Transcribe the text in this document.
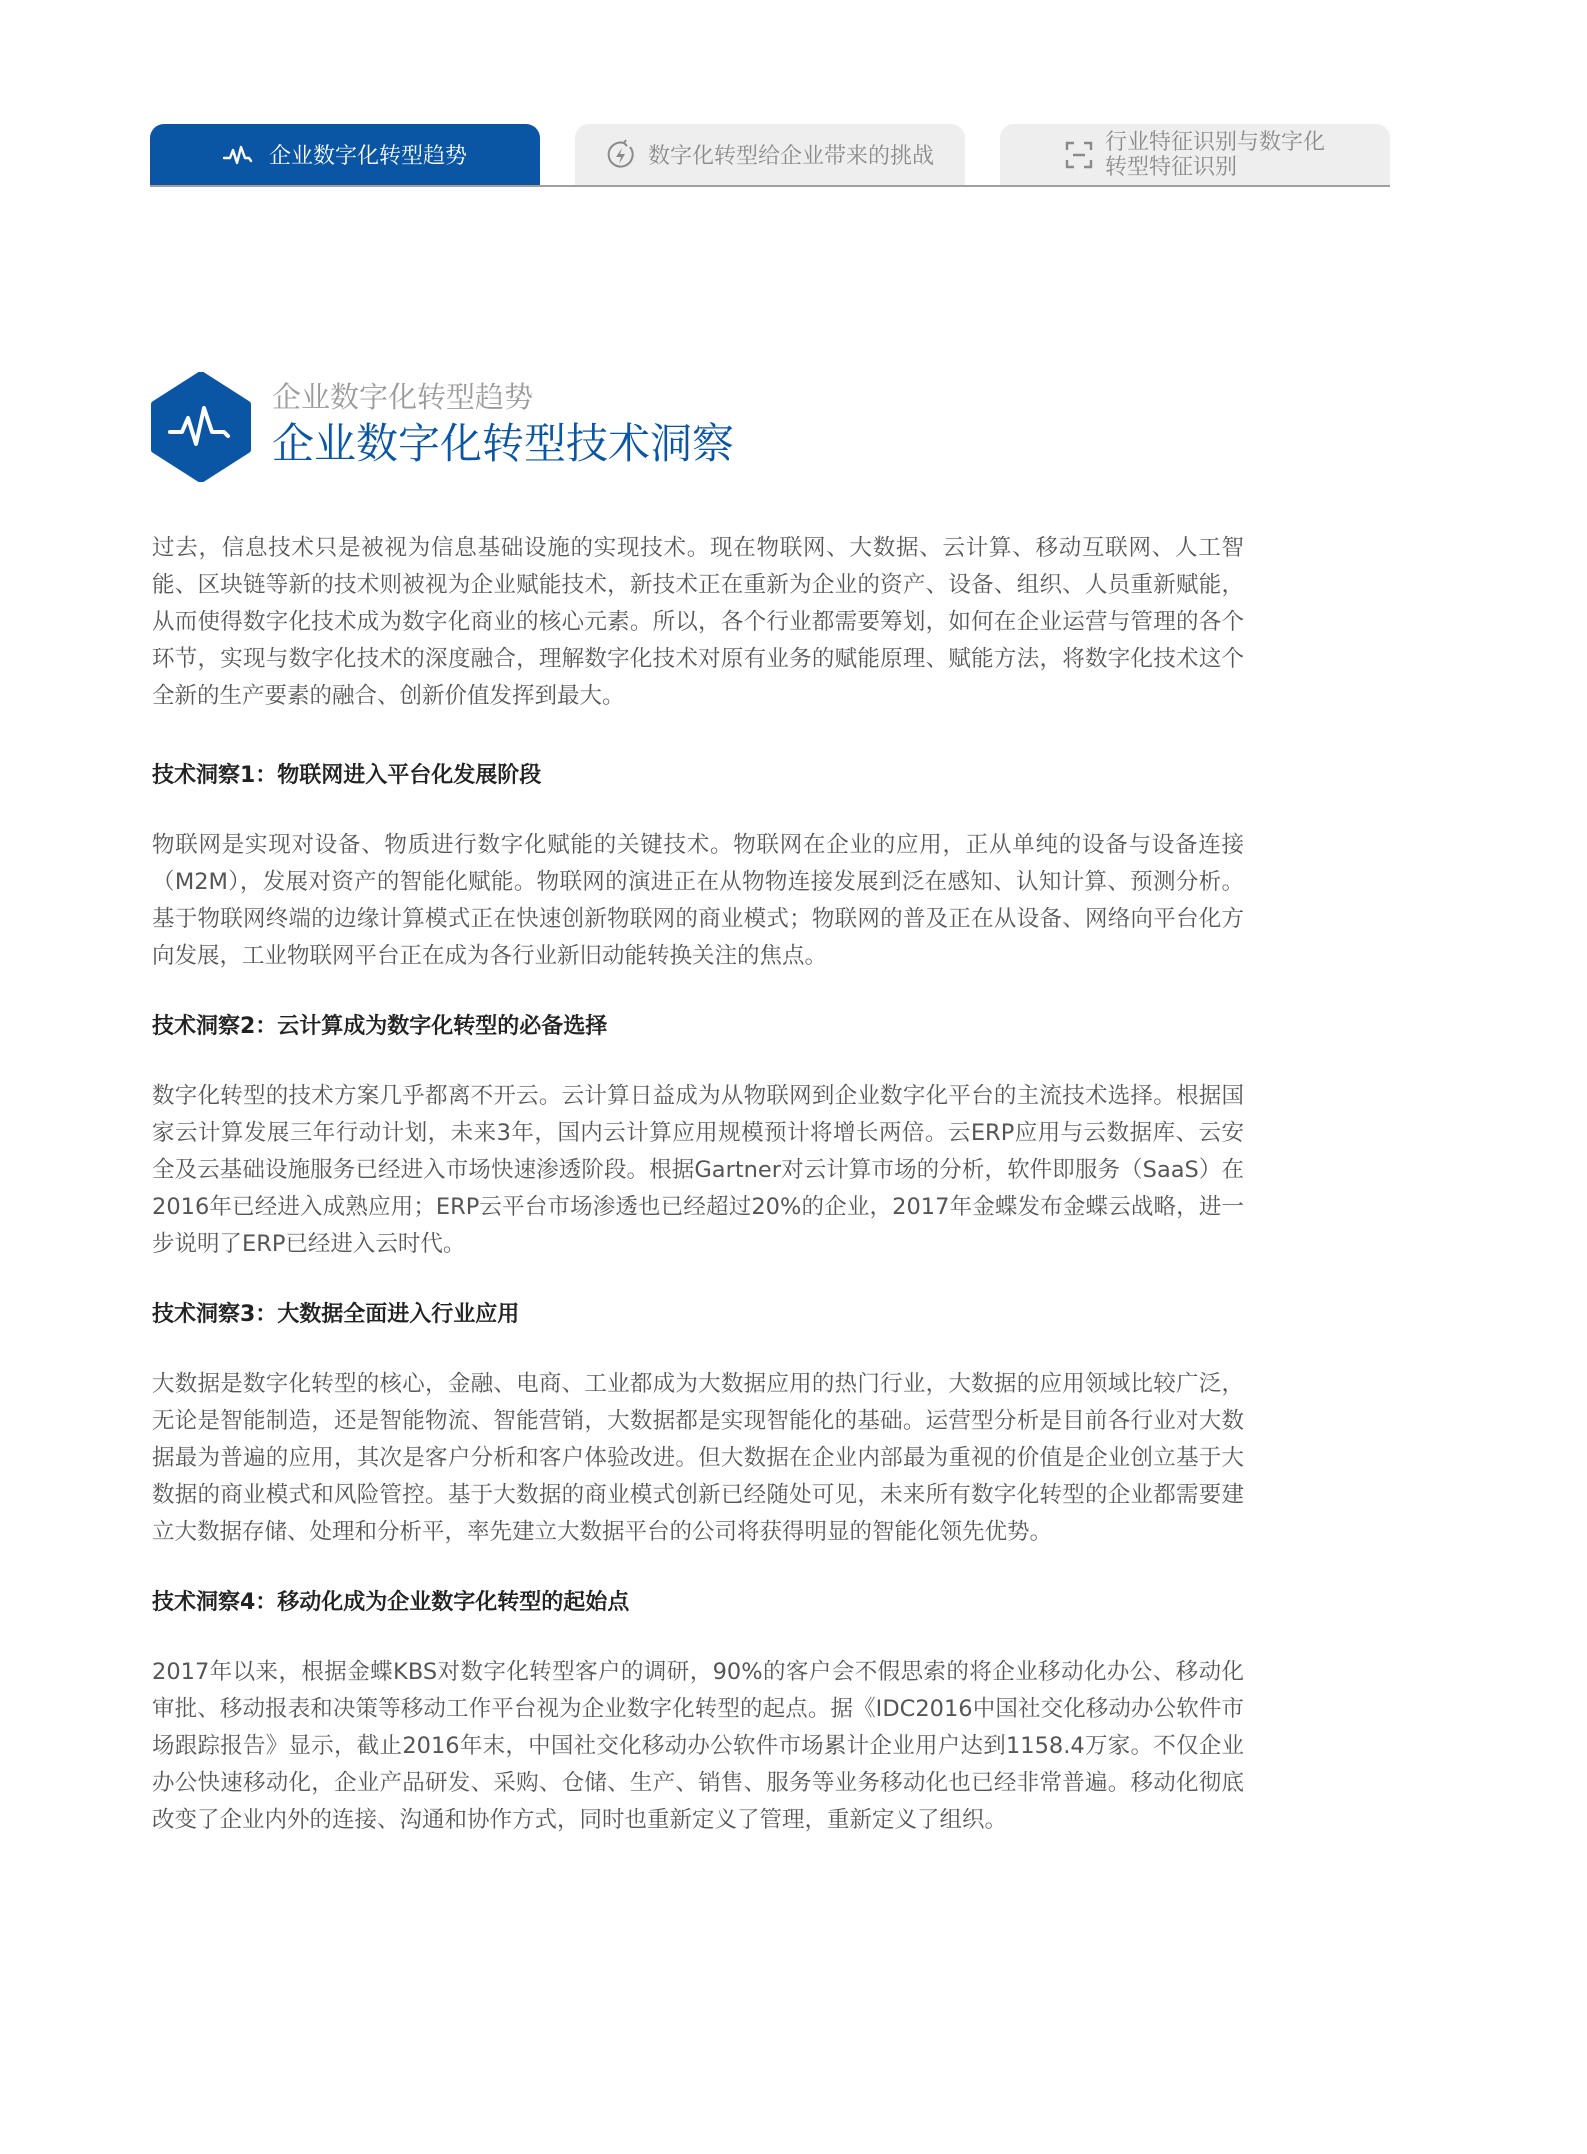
企业数字化转型趋势	数字化转型给企业带来的挑战
行业特征识别与数字化
转型特征识别
企业数字化转型趋势
企业数字化转型技术洞察

过去，信息技术只是被视为信息基础设施的实现技术。现在物联网、大数据、云计算、移动互联网、人工智能、区块链等新的技术则被视为企业赋能技术，新技术正在重新为企业的资产、设备、组织、人员重新赋能，从而使得数字化技术成为数字化商业的核心元素。所以，各个行业都需要筹划，如何在企业运营与管理的各个环节，实现与数字化技术的深度融合，理解数字化技术对原有业务的赋能原理、赋能方法，将数字化技术这个全新的生产要素的融合、创新价值发挥到最大。

技术洞察1：物联网进入平台化发展阶段

物联网是实现对设备、物质进行数字化赋能的关键技术。物联网在企业的应用，正从单纯的设备与设备连接（M2M），发展对资产的智能化赋能。物联网的演进正在从物物连接发展到泛在感知、认知计算、预测分析。基于物联网终端的边缘计算模式正在快速创新物联网的商业模式；物联网的普及正在从设备、网络向平台化方向发展，工业物联网平台正在成为各行业新旧动能转换关注的焦点。

技术洞察2：云计算成为数字化转型的必备选择

数字化转型的技术方案几乎都离不开云。云计算日益成为从物联网到企业数字化平台的主流技术选择。根据国家云计算发展三年行动计划，未来3年，国内云计算应用规模预计将增长两倍。云ERP应用与云数据库、云安全及云基础设施服务已经进入市场快速渗透阶段。根据Gartner对云计算市场的分析，软件即服务（SaaS）在2016年已经进入成熟应用；ERP云平台市场渗透也已经超过20%的企业，2017年金蝶发布金蝶云战略，进一步说明了ERP已经进入云时代。

技术洞察3：大数据全面进入行业应用

大数据是数字化转型的核心，金融、电商、工业都成为大数据应用的热门行业，大数据的应用领域比较广泛，无论是智能制造，还是智能物流、智能营销，大数据都是实现智能化的基础。运营型分析是目前各行业对大数据最为普遍的应用，其次是客户分析和客户体验改进。但大数据在企业内部最为重视的价值是企业创立基于大数据的商业模式和风险管控。基于大数据的商业模式创新已经随处可见，未来所有数字化转型的企业都需要建立大数据存储、处理和分析平，率先建立大数据平台的公司将获得明显的智能化领先优势。

技术洞察4：移动化成为企业数字化转型的起始点

2017年以来，根据金蝶KBS对数字化转型客户的调研，90%的客户会不假思索的将企业移动化办公、移动化审批、移动报表和决策等移动工作平台视为企业数字化转型的起点。据《IDC2016中国社交化移动办公软件市场跟踪报告》显示，截止2016年末，中国社交化移动办公软件市场累计企业用户达到1158.4万家。不仅企业办公快速移动化，企业产品研发、采购、仓储、生产、销售、服务等业务移动化也已经非常普遍。移动化彻底改变了企业内外的连接、沟通和协作方式，同时也重新定义了管理，重新定义了组织。
